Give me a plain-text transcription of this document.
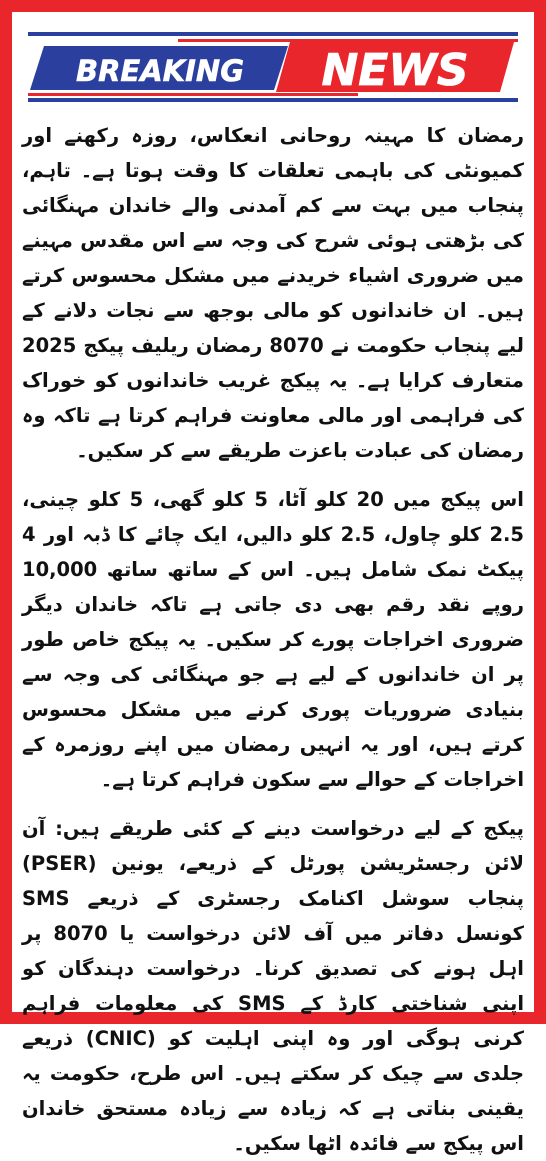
BREAKING NEWS

رمضان کا مہینہ روحانی انعکاس، روزہ رکھنے اور کمیونٹی کی باہمی تعلقات کا وقت ہوتا ہے۔ تاہم، پنجاب میں بہت سے کم آمدنی والے خاندان مہنگائی کی بڑھتی ہوئی شرح کی وجہ سے اس مقدس مہینے میں ضروری اشیاء خریدنے میں مشکل محسوس کرتے ہیں۔ ان خاندانوں کو مالی بوجھ سے نجات دلانے کے لیے پنجاب حکومت نے 8070 رمضان ریلیف پیکج 2025 متعارف کرایا ہے۔ یہ پیکج غریب خاندانوں کو خوراک کی فراہمی اور مالی معاونت فراہم کرتا ہے تاکہ وہ رمضان کی عبادت باعزت طریقے سے کر سکیں۔

اس پیکج میں 20 کلو آٹا، 5 کلو گھی، 5 کلو چینی، 2.5 کلو چاول، 2.5 کلو دالیں، ایک چائے کا ڈبہ اور 4 پیکٹ نمک شامل ہیں۔ اس کے ساتھ ساتھ 10,000 روپے نقد رقم بھی دی جاتی ہے تاکہ خاندان دیگر ضروری اخراجات پورے کر سکیں۔ یہ پیکج خاص طور پر ان خاندانوں کے لیے ہے جو مہنگائی کی وجہ سے بنیادی ضروریات پوری کرنے میں مشکل محسوس کرتے ہیں، اور یہ انہیں رمضان میں اپنے روزمرہ کے اخراجات کے حوالے سے سکون فراہم کرتا ہے۔

پیکج کے لیے درخواست دینے کے کئی طریقے ہیں: آن لائن رجسٹریشن پورٹل کے ذریعے، یونین (PSER) پنجاب سوشل اکنامک رجسٹری کے ذریعے SMS کونسل دفاتر میں آف لائن درخواست یا 8070 پر اہل ہونے کی تصدیق کرنا۔ درخواست دہندگان کو اپنی شناختی کارڈ کے SMS کی معلومات فراہم کرنی ہوگی اور وہ اپنی اہلیت کو (CNIC) ذریعے جلدی سے چیک کر سکتے ہیں۔ اس طرح، حکومت یہ یقینی بناتی ہے کہ زیادہ سے زیادہ مستحق خاندان اس پیکج سے فائدہ اٹھا سکیں۔
